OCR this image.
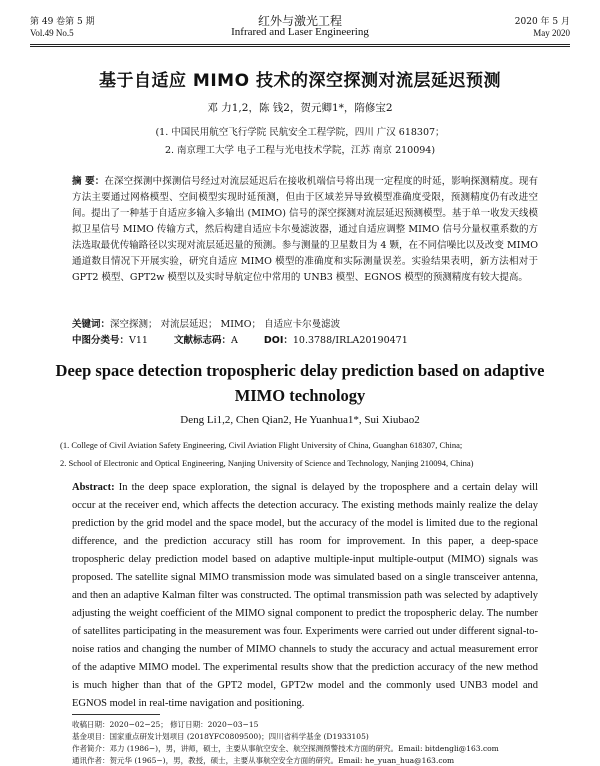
第 49 卷第 5 期
Vol.49 No.5
红外与激光工程
Infrared and Laser Engineering
2020 年 5 月
May 2020
基于自适应 MIMO 技术的深空探测对流层延迟预测
邓 力1,2，陈 钱2，贺元卿1*，隋修宝2
(1. 中国民用航空飞行学院 民航安全工程学院，四川 广汉 618307；
2. 南京理工大学 电子工程与光电技术学院，江苏 南京 210094)
摘 要：在深空探测中探测信号经过对流层延迟后在接收机端信号将出现一定程度的时延，影响探测精度。现有方法主要通过网格模型、空间模型实现时延预测，但由于区域差异导致模型准确度受限，预测精度仍有改进空间。提出了一种基于自适应多输入多输出 (MIMO) 信号的深空探测对流层延迟预测模型。基于单一收发天线模拟卫星信号 MIMO 传输方式，然后构建自适应卡尔曼滤波器，通过自适应调整 MIMO 信号分量权重系数的方法选取最优传输路径以实现对流层延迟量的预测。参与测量的卫星数目为 4 颗，在不同信噪比以及改变 MIMO 通道数目情况下开展实验，研究自适应 MIMO 模型的准确度和实际测量误差。实验结果表明，新方法相对于 GPT2 模型、GPT2w 模型以及实时导航定位中常用的 UNB3 模型、EGNOS 模型的预测精度有较大提高。
关键词：深空探测； 对流层延迟； MIMO； 自适应卡尔曼滤波
中图分类号：V11	文献标志码：A	DOI：10.3788/IRLA20190471
Deep space detection tropospheric delay prediction based on adaptive MIMO technology
Deng Li1,2, Chen Qian2, He Yuanhua1*, Sui Xiubao2
(1. College of Civil Aviation Safety Engineering, Civil Aviation Flight University of China, Guanghan 618307, China;
2. School of Electronic and Optical Engineering, Nanjing University of Science and Technology, Nanjing 210094, China)
Abstract: In the deep space exploration, the signal is delayed by the troposphere and a certain delay will occur at the receiver end, which affects the detection accuracy. The existing methods mainly realize the delay prediction by the grid model and the space model, but the accuracy of the model is limited due to the regional difference, and the prediction accuracy still has room for improvement. In this paper, a deep-space tropospheric delay prediction model based on adaptive multiple-input multiple-output (MIMO) signals was proposed. The satellite signal MIMO transmission mode was simulated based on a single transceiver antenna, and then an adaptive Kalman filter was constructed. The optimal transmission path was selected by adaptively adjusting the weight coefficient of the MIMO signal component to predict the tropospheric delay. The number of satellites participating in the measurement was four. Experiments were carried out under different signal-to-noise ratios and changing the number of MIMO channels to study the accuracy and actual measurement error of the adaptive MIMO model. The experimental results show that the prediction accuracy of the new method is much higher than that of the GPT2 model, GPT2w model and the commonly used UNB3 model and EGNOS model in real-time navigation and positioning.
收稿日期：2020−02−25； 修订日期：2020−03−15
基金项目：国家重点研发计划项目 (2018YFC0809500)；四川省科学基金 (D1933105)
作者简介：邓力 (1986−)，男，讲师，硕士，主要从事航空安全、航空探测预警技术方面的研究。Email: bitdengli@163.com
通讯作者：贺元华 (1965−)，男，教授，硕士，主要从事航空安全方面的研究。Email: he_yuan_hua@163.com
